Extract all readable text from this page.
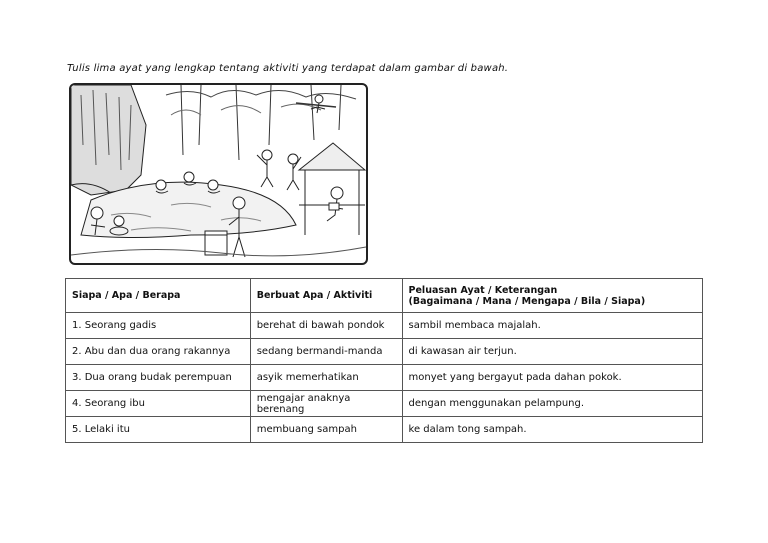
Tulis lima ayat yang lengkap tentang aktiviti yang terdapat dalam gambar di bawah.
Siapa / Apa / Berapa	Berbuat Apa / Aktiviti	Peluasan Ayat / Keterangan
(Bagaimana / Mana / Mengapa / Bila / Siapa)

1. Seorang gadis	berehat di bawah pondok	sambil membaca majalah.
2. Abu dan dua orang rakannya	sedang bermandi-manda	di kawasan air terjun.
3. Dua orang budak perempuan	asyik memerhatikan	monyet yang bergayut pada dahan pokok.
4. Seorang ibu	mengajar anaknya berenang	dengan menggunakan pelampung.
5. Lelaki itu	membuang sampah	ke dalam tong sampah.
